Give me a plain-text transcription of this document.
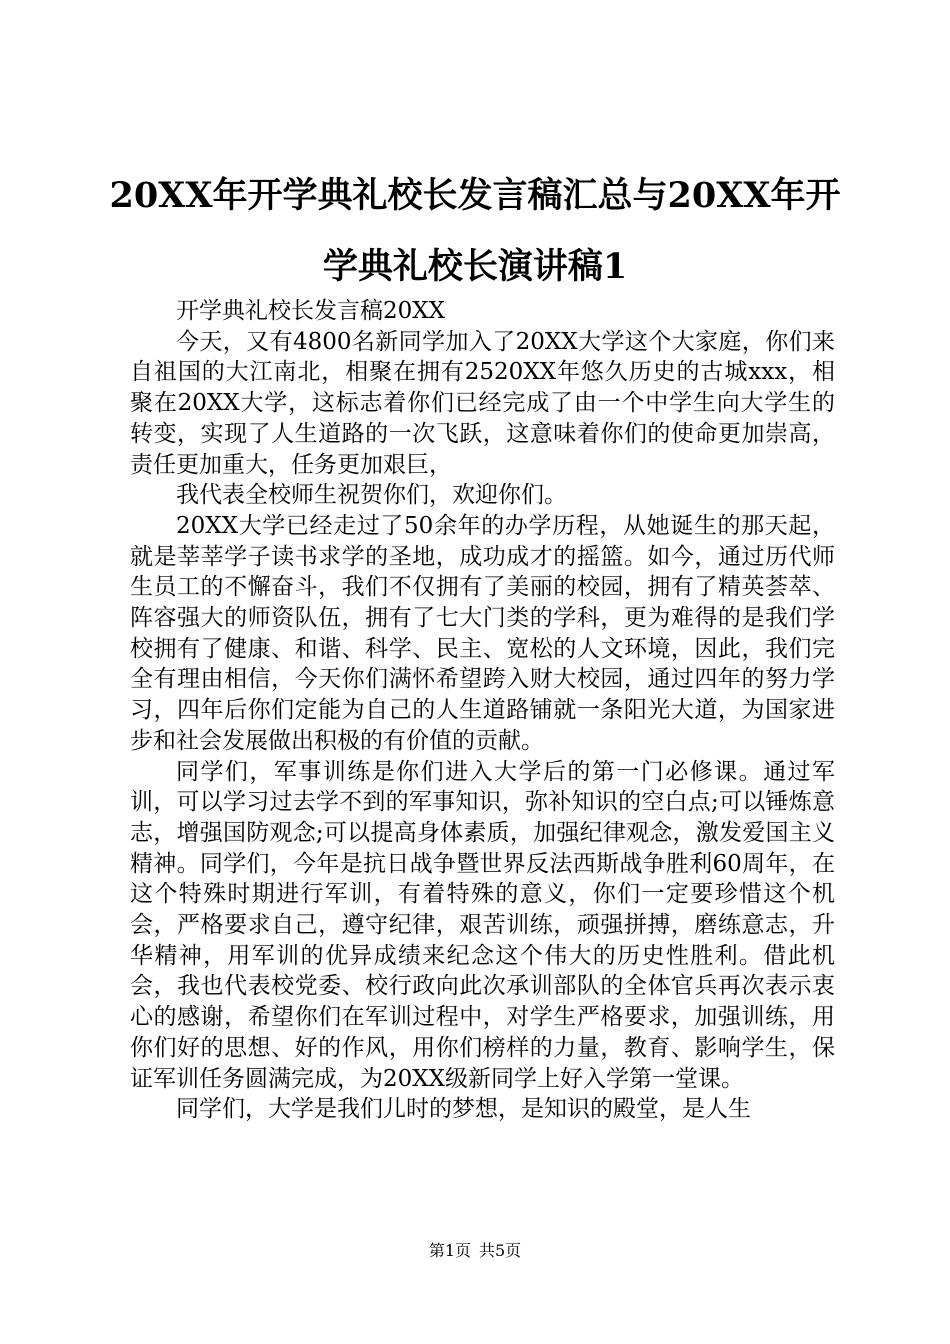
20XX年开学典礼校长发言稿汇总与20XX年开学典礼校长演讲稿1

开学典礼校长发言稿20XX

今天，又有4800名新同学加入了20XX大学这个大家庭，你们来自祖国的大江南北，相聚在拥有2520XX年悠久历史的古城xxx，相聚在20XX大学，这标志着你们已经完成了由一个中学生向大学生的转变，实现了人生道路的一次飞跃，这意味着你们的使命更加崇高，责任更加重大，任务更加艰巨，

我代表全校师生祝贺你们，欢迎你们。

20XX大学已经走过了50余年的办学历程，从她诞生的那天起，就是莘莘学子读书求学的圣地，成功成才的摇篮。如今，通过历代师生员工的不懈奋斗，我们不仅拥有了美丽的校园，拥有了精英荟萃、阵容强大的师资队伍，拥有了七大门类的学科，更为难得的是我们学校拥有了健康、和谐、科学、民主、宽松的人文环境，因此，我们完全有理由相信，今天你们满怀希望跨入财大校园，通过四年的努力学习，四年后你们定能为自己的人生道路铺就一条阳光大道，为国家进步和社会发展做出积极的有价值的贡献。

同学们，军事训练是你们进入大学后的第一门必修课。通过军训，可以学习过去学不到的军事知识，弥补知识的空白点;可以锤炼意志，增强国防观念;可以提高身体素质，加强纪律观念，激发爱国主义精神。同学们，今年是抗日战争暨世界反法西斯战争胜利60周年，在这个特殊时期进行军训，有着特殊的意义，你们一定要珍惜这个机会，严格要求自己，遵守纪律，艰苦训练，顽强拼搏，磨练意志，升华精神，用军训的优异成绩来纪念这个伟大的历史性胜利。借此机会，我也代表校党委、校行政向此次承训部队的全体官兵再次表示衷心的感谢，希望你们在军训过程中，对学生严格要求，加强训练，用你们好的思想、好的作风，用你们榜样的力量，教育、影响学生，保证军训任务圆满完成，为20XX级新同学上好入学第一堂课。

同学们，大学是我们儿时的梦想，是知识的殿堂，是人生

第1页 共5页
